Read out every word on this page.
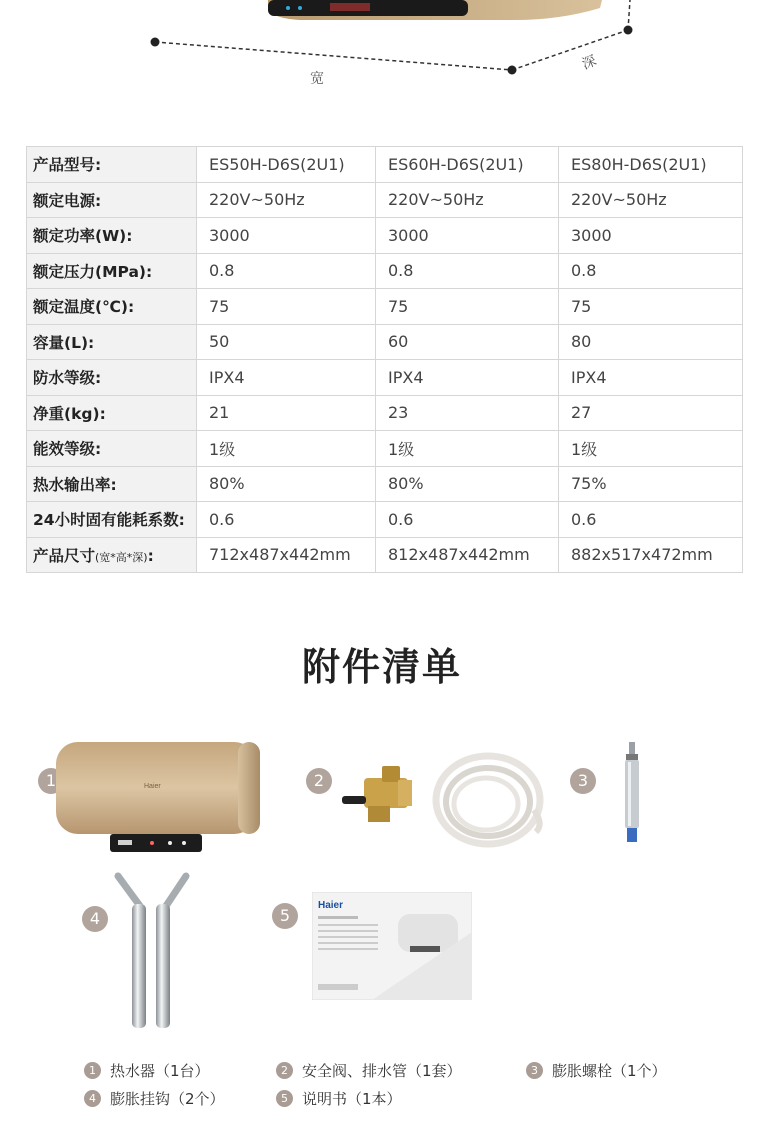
宽
深
产品型号:	ES50H-D6S(2U1)	ES60H-D6S(2U1)	ES80H-D6S(2U1)
额定电源:	220V~50Hz	220V~50Hz	220V~50Hz
额定功率(W):	3000	3000	3000
额定压力(MPa):	0.8	0.8	0.8
额定温度(℃):	75	75	75
容量(L):	50	60	80
防水等级:	IPX4	IPX4	IPX4
净重(kg):	21	23	27
能效等级:	1级	1级	1级
热水输出率:	80%	80%	75%
24小时固有能耗系数:	0.6	0.6	0.6
产品尺寸(宽*高*深):	712x487x442mm	812x487x442mm	882x517x472mm
附件清单
1	Haier	2	3
4	5
Haier
1 热水器（1台）	2 安全阀、排水管（1套）	3 膨胀螺栓（1个）
4 膨胀挂钩（2个）	5 说明书（1本）
